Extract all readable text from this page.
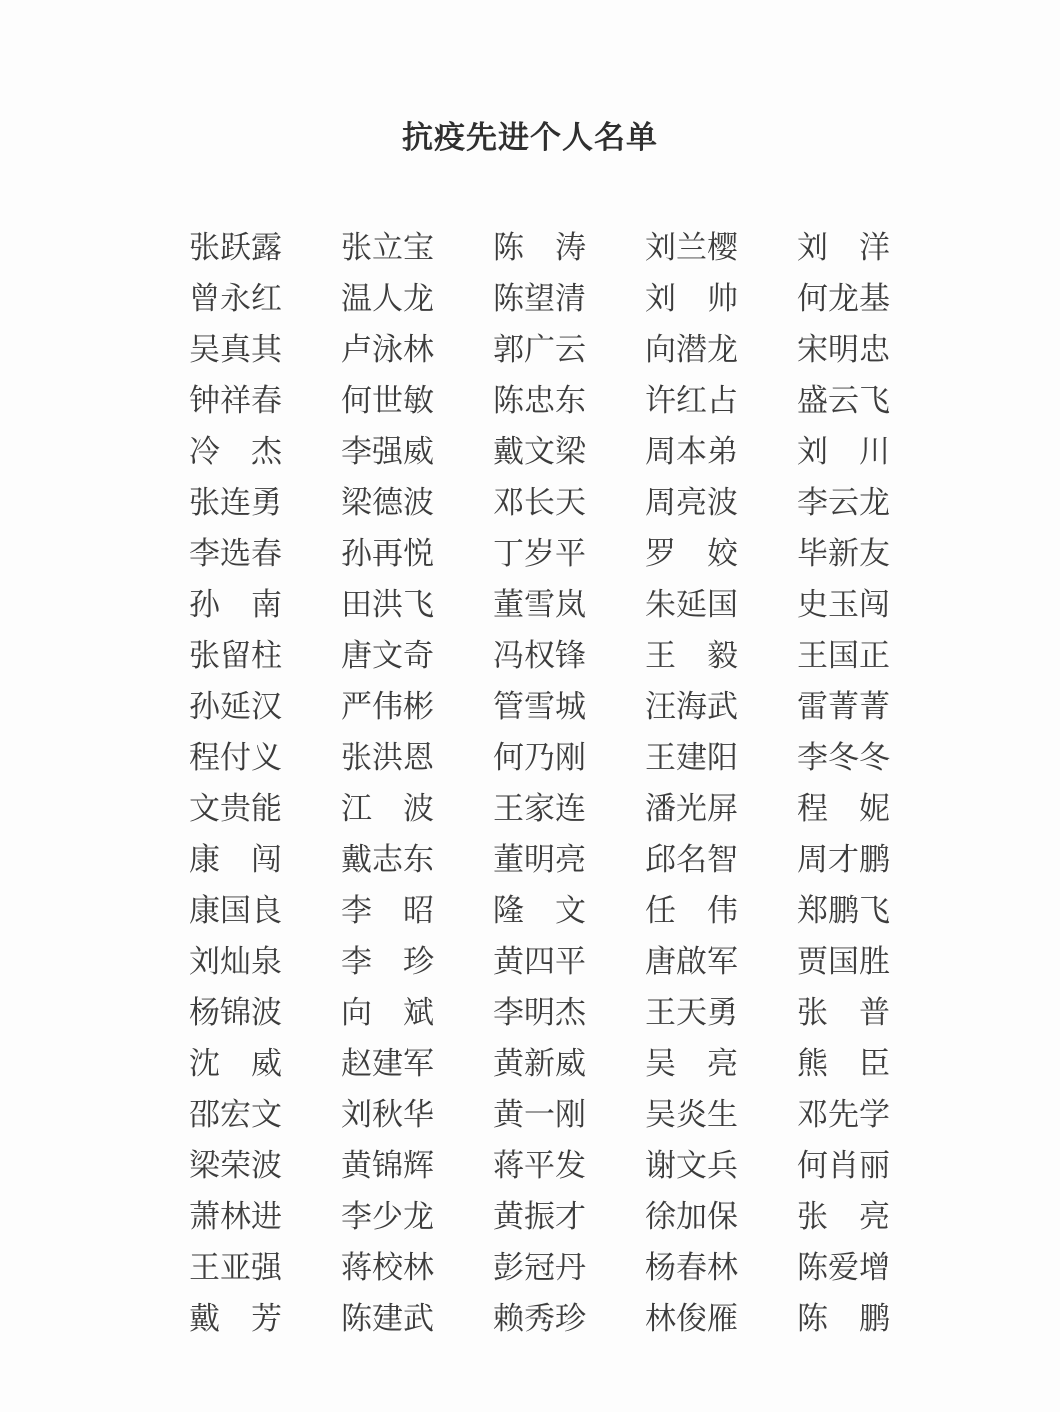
抗疫先进个人名单
张跃露 张立宝 陈　涛 刘兰樱 刘　洋
曾永红 温人龙 陈望清 刘　帅 何龙基
吴真其 卢泳林 郭广云 向潜龙 宋明忠
钟祥春 何世敏 陈忠东 许红占 盛云飞
冷　杰 李强威 戴文梁 周本弟 刘　川
张连勇 梁德波 邓长天 周亮波 李云龙
李选春 孙再悦 丁岁平 罗　姣 毕新友
孙　南 田洪飞 董雪岚 朱延国 史玉闯
张留柱 唐文奇 冯权锋 王　毅 王国正
孙延汉 严伟彬 管雪城 汪海武 雷菁菁
程付义 张洪恩 何乃刚 王建阳 李冬冬
文贵能 江　波 王家连 潘光屏 程　妮
康　闯 戴志东 董明亮 邱名智 周才鹏
康国良 李　昭 隆　文 任　伟 郑鹏飞
刘灿泉 李　珍 黄四平 唐啟军 贾国胜
杨锦波 向　斌 李明杰 王天勇 张　普
沈　威 赵建军 黄新威 吴　亮 熊　臣
邵宏文 刘秋华 黄一刚 吴炎生 邓先学
梁荣波 黄锦辉 蒋平发 谢文兵 何肖丽
萧林进 李少龙 黄振才 徐加保 张　亮
王亚强 蒋校林 彭冠丹 杨春林 陈爱增
戴　芳 陈建武 赖秀珍 林俊雁 陈　鹏
